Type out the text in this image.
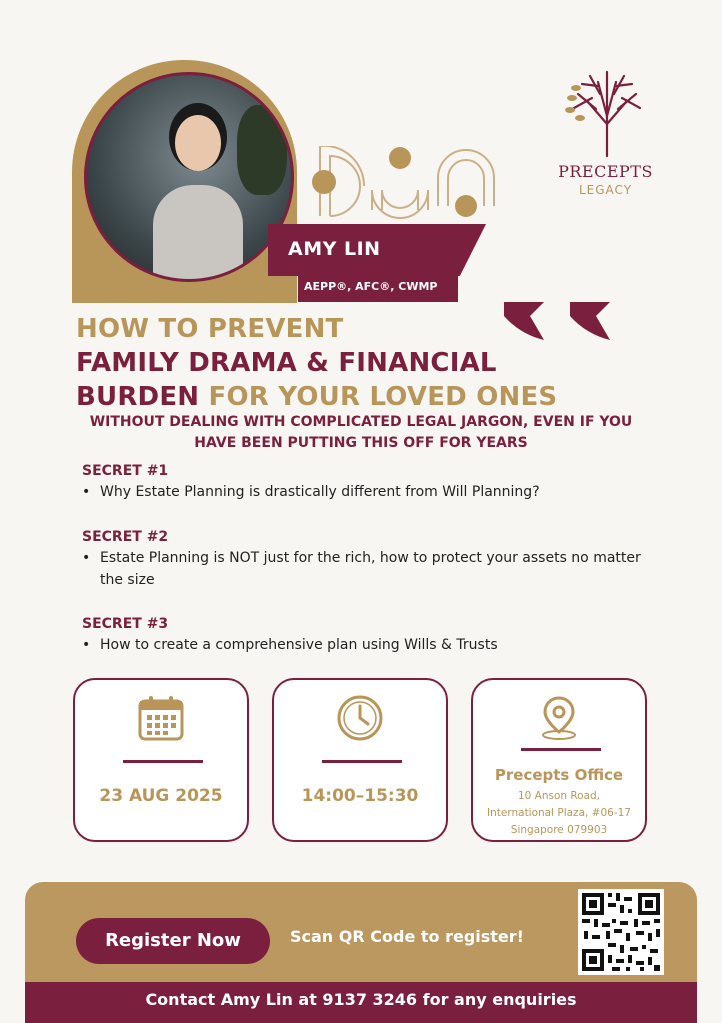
AMY LIN
AEPP®, AFC®, CWMP
PRECEPTS
LEGACY
HOW TO PREVENT
FAMILY DRAMA & FINANCIAL
BURDEN FOR YOUR LOVED ONES
WITHOUT DEALING WITH COMPLICATED LEGAL JARGON, EVEN IF YOU HAVE BEEN PUTTING THIS OFF FOR YEARS
SECRET #1
• Why Estate Planning is drastically different from Will Planning?
SECRET #2
• Estate Planning is NOT just for the rich, how to protect your assets no matter the size
SECRET #3
• How to create a comprehensive plan using Wills & Trusts
23 AUG 2025	14:00–15:30
Precepts Office
10 Anson Road,
International Plaza, #06-17
Singapore 079903
Register Now	Scan QR Code to register!
Contact Amy Lin at 9137 3246 for any enquiries
